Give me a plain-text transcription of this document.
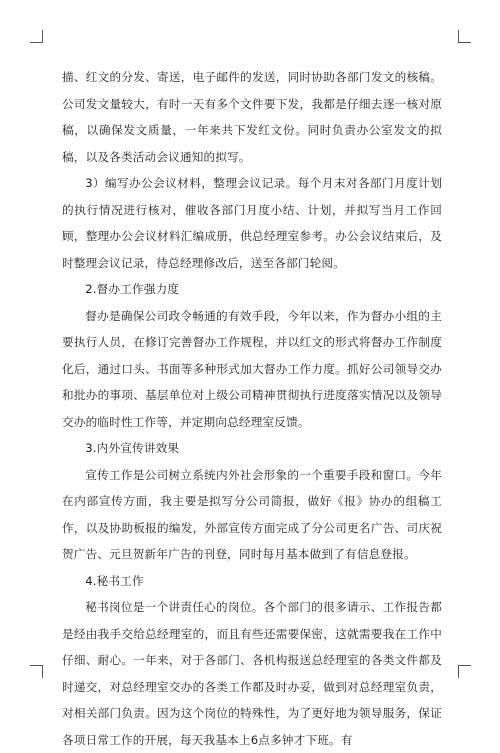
描、红文的分发、寄送，电子邮件的发送，同时协助各部门发文的核稿。公司发文量较大，有时一天有多个文件要下发，我都是仔细去逐一核对原稿，以确保发文质量，一年来共下发红文份。同时负责办公室发文的拟稿，以及各类活动会议通知的拟写。

3）编写办公会议材料，整理会议记录。每个月末对各部门月度计划的执行情况进行核对，催收各部门月度小结、计划，并拟写当月工作回顾，整理办公会议材料汇编成册，供总经理室参考。办公会议结束后，及时整理会议记录，待总经理修改后，送至各部门轮阅。

2.督办工作强力度

督办是确保公司政令畅通的有效手段，今年以来，作为督办小组的主要执行人员，在修订完善督办工作规程，并以红文的形式将督办工作制度化后，通过口头、书面等多种形式加大督办工作力度。抓好公司领导交办和批办的事项、基层单位对上级公司精神贯彻执行进度落实情况以及领导交办的临时性工作等，并定期向总经理室反馈。

3.内外宣传讲效果

宣传工作是公司树立系统内外社会形象的一个重要手段和窗口。今年在内部宣传方面，我主要是拟写分公司简报，做好《报》协办的组稿工作，以及协助板报的编发，外部宣传方面完成了分公司更名广告、司庆祝贺广告、元旦贺新年广告的刊登，同时每月基本做到了有信息登报。

4.秘书工作

秘书岗位是一个讲责任心的岗位。各个部门的很多请示、工作报告都是经由我手交给总经理室的，而且有些还需要保密，这就需要我在工作中仔细、耐心。一年来，对于各部门、各机构报送总经理室的各类文件都及时递交，对总经理室交办的各类工作都及时办妥，做到对总经理室负责，对相关部门负责。因为这个岗位的特殊性，为了更好地为领导服务，保证各项日常工作的开展，每天我基本上6点多钟才下班。有
